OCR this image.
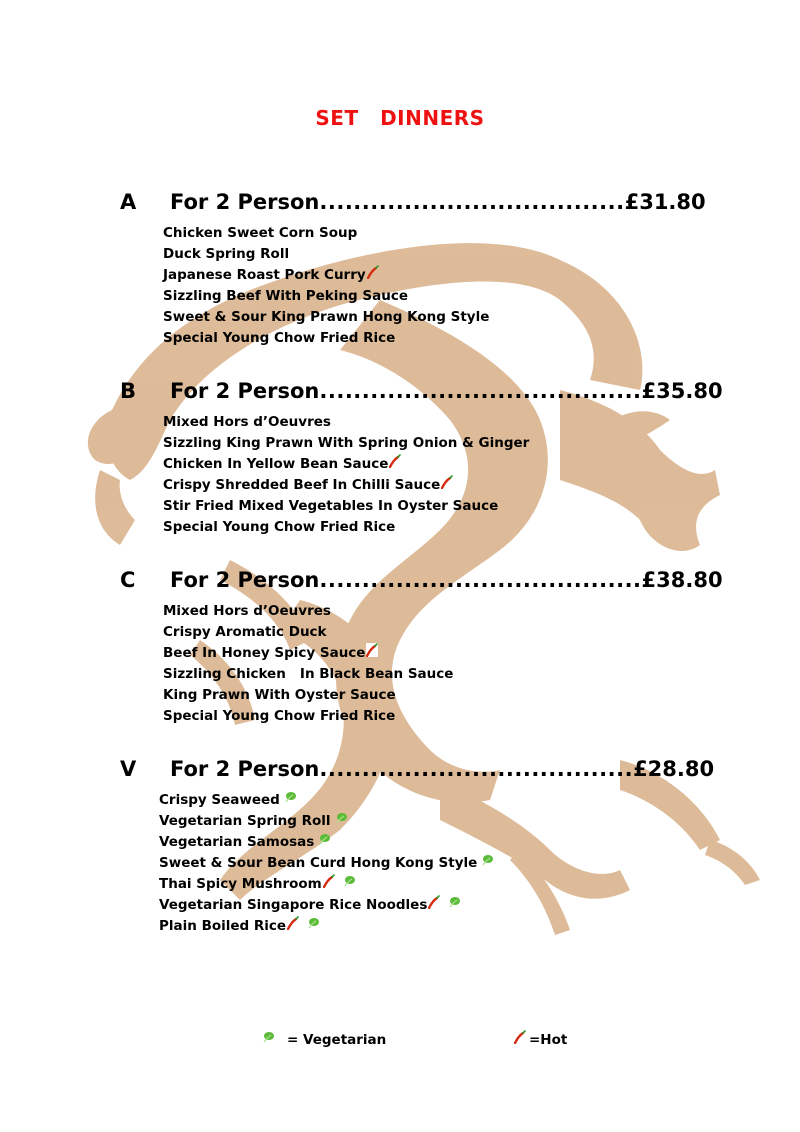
SET DINNERS
A For 2 Person....................................£31.80
Chicken Sweet Corn Soup
Duck Spring Roll
Japanese Roast Pork Curry
Sizzling Beef With Peking Sauce
Sweet & Sour King Prawn Hong Kong Style
Special Young Chow Fried Rice
B For 2 Person......................................£35.80
Mixed Hors d’Oeuvres
Sizzling King Prawn With Spring Onion & Ginger
Chicken In Yellow Bean Sauce
Crispy Shredded Beef In Chilli Sauce
Stir Fried Mixed Vegetables In Oyster Sauce
Special Young Chow Fried Rice
C For 2 Person......................................£38.80
Mixed Hors d’Oeuvres
Crispy Aromatic Duck
Beef In Honey Spicy Sauce
Sizzling Chicken   In Black Bean Sauce
King Prawn With Oyster Sauce
Special Young Chow Fried Rice
V For 2 Person.....................................£28.80
Crispy Seaweed
Vegetarian Spring Roll
Vegetarian Samosas
Sweet & Sour Bean Curd Hong Kong Style
Thai Spicy Mushroom
Vegetarian Singapore Rice Noodles
Plain Boiled Rice
= Vegetarian	=Hot
